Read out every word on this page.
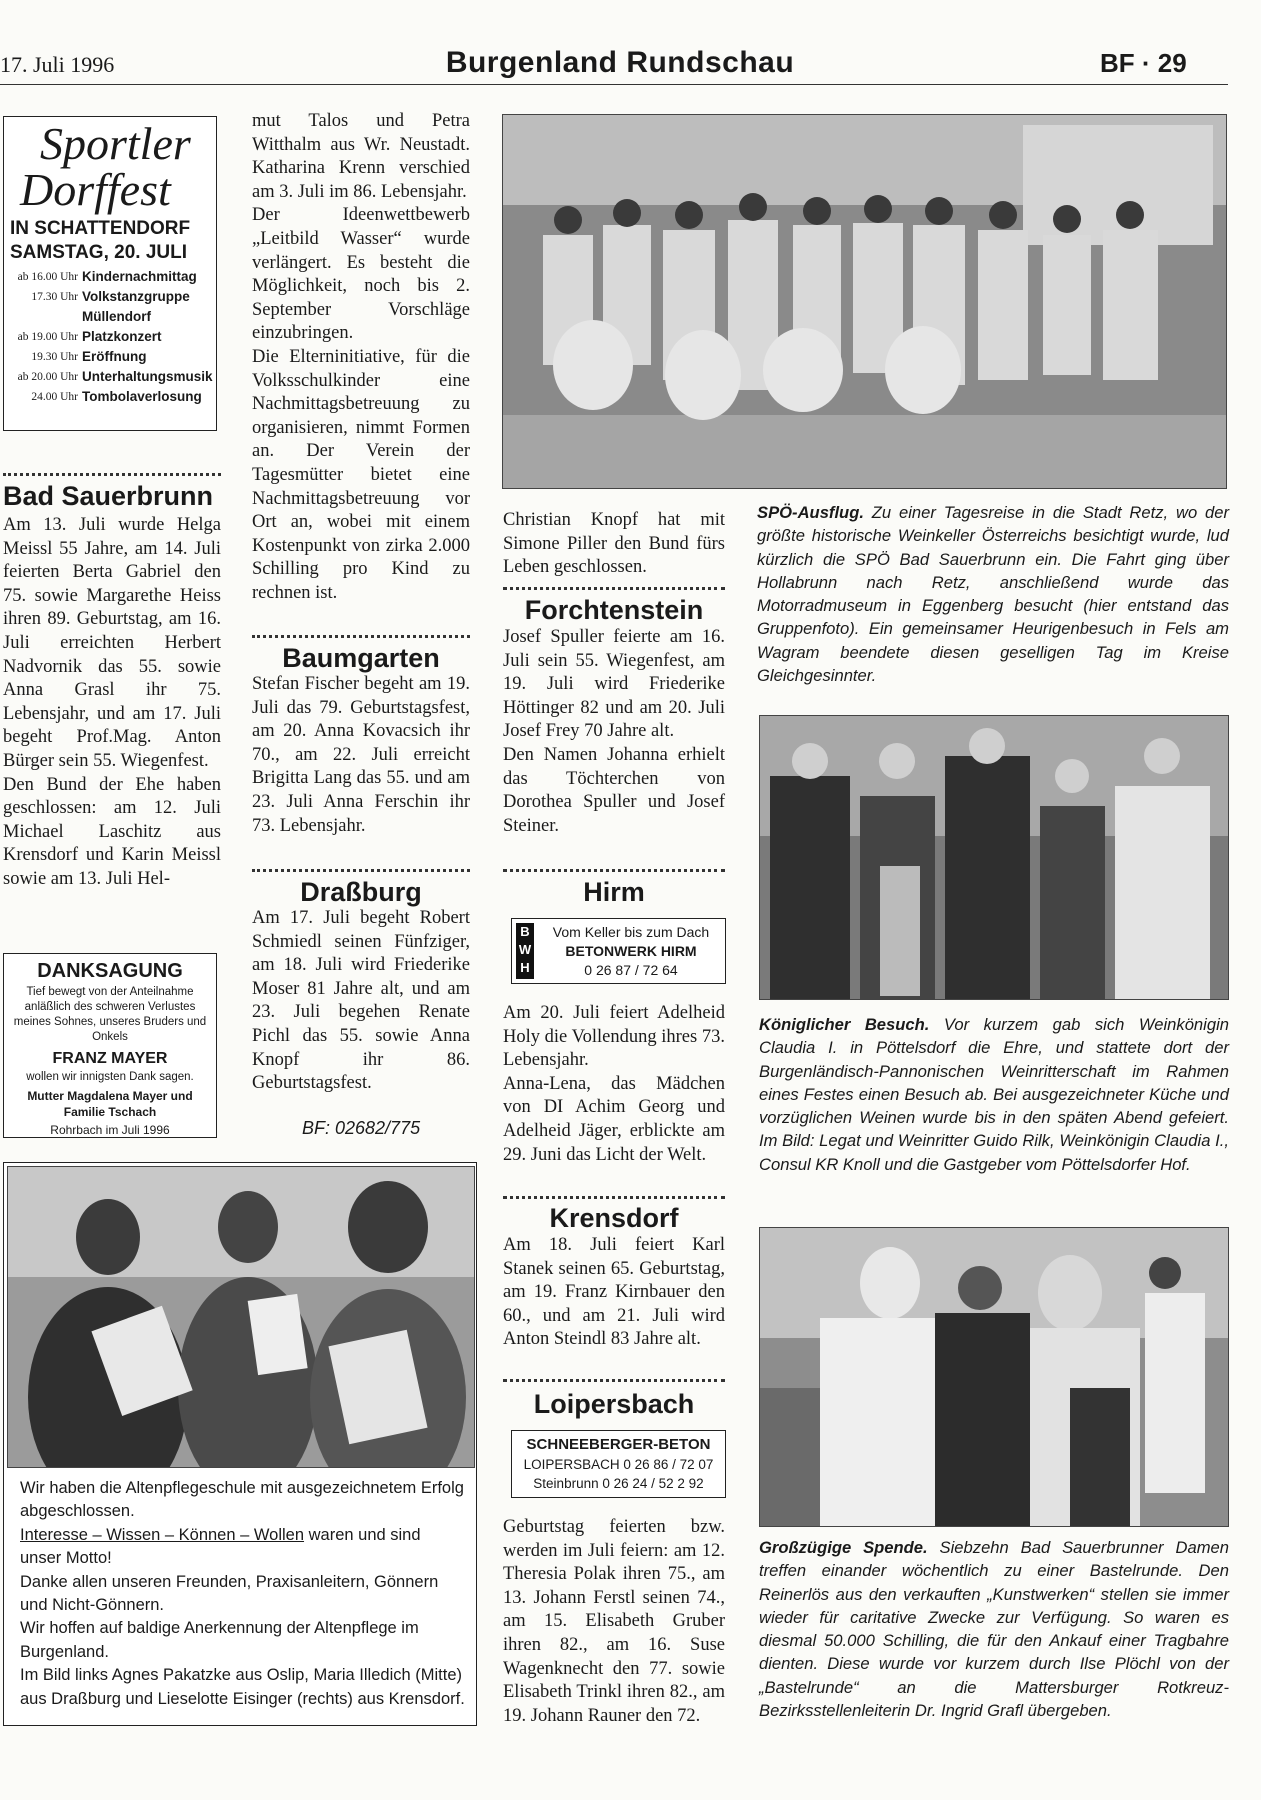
17. Juli 1996	Burgenland Rundschau	BF · 29
Sportler
Dorffest
IN SCHATTENDORF
SAMSTAG, 20. JULI
ab 16.00 Uhr Kindernachmittag
17.30 Uhr Volkstanzgruppe Müllendorf
ab 19.00 Uhr Platzkonzert
19.30 Uhr Eröffnung
ab 20.00 Uhr Unterhaltungsmusik
24.00 Uhr Tombolaverlosung
Bad Sauerbrunn

Am 13. Juli wurde Helga Meissl 55 Jahre, am 14. Juli feierten Berta Gabriel den 75. sowie Margarethe Heiss ihren 89. Geburtstag, am 16. Juli erreichten Herbert Nadvornik das 55. sowie Anna Grasl ihr 75. Lebensjahr, und am 17. Juli begeht Prof.Mag. Anton Bürger sein 55. Wiegenfest.

Den Bund der Ehe haben geschlossen: am 12. Juli Michael Laschitz aus Krensdorf und Karin Meissl sowie am 13. Juli Hel-

DANKSAGUNG
Tief bewegt von der Anteilnahme anläßlich des schweren Verlustes meines Sohnes, unseres Bruders und Onkels
FRANZ MAYER
wollen wir innigsten Dank sagen.
Mutter Magdalena Mayer und Familie Tschach
Rohrbach im Juli 1996

mut Talos und Petra Witthalm aus Wr. Neustadt. Katharina Krenn verschied am 3. Juli im 86. Lebensjahr.

Der Ideenwettbewerb „Leitbild Wasser“ wurde verlängert. Es besteht die Möglichkeit, noch bis 2. September Vorschläge einzubringen.

Die Elterninitiative, für die Volksschulkinder eine Nachmittagsbetreuung zu organisieren, nimmt Formen an. Der Verein der Tagesmütter bietet eine Nachmittagsbetreuung vor Ort an, wobei mit einem Kostenpunkt von zirka 2.000 Schilling pro Kind zu rechnen ist.

Baumgarten
Stefan Fischer begeht am 19. Juli das 79. Geburtstagsfest, am 20. Anna Kovacsich ihr 70., am 22. Juli erreicht Brigitta Lang das 55. und am 23. Juli Anna Ferschin ihr 73. Lebensjahr.
Draßburg
Am 17. Juli begeht Robert Schmiedl seinen Fünfziger, am 18. Juli wird Friederike Moser 81 Jahre alt, und am 23. Juli begehen Renate Pichl das 55. sowie Anna Knopf ihr 86. Geburtstagsfest.
BF: 02682/775

Wir haben die Altenpflegeschule mit ausgezeichnetem Erfolg abgeschlossen.

Interesse – Wissen – Können – Wollen waren und sind unser Motto!

Danke allen unseren Freunden, Praxisanleitern, Gönnern und Nicht-Gönnern.

Wir hoffen auf baldige Anerkennung der Altenpflege im Burgenland.

Im Bild links Agnes Pakatzke aus Oslip, Maria Illedich (Mitte) aus Draßburg und Lieselotte Eisinger (rechts) aus Krensdorf.

Christian Knopf hat mit Simone Piller den Bund fürs Leben geschlossen.
Forchtenstein

Josef Spuller feierte am 16. Juli sein 55. Wiegenfest, am 19. Juli wird Friederike Höttinger 82 und am 20. Juli Josef Frey 70 Jahre alt.

Den Namen Johanna erhielt das Töchterchen von Dorothea Spuller und Josef Steiner.

Hirm
B
W
H
Vom Keller bis zum Dach
BETONWERK HIRM
0 26 87 / 72 64

Am 20. Juli feiert Adelheid Holy die Vollendung ihres 73. Lebensjahr.

Anna-Lena, das Mädchen von DI Achim Georg und Adelheid Jäger, erblickte am 29. Juni das Licht der Welt.

Krensdorf
Am 18. Juli feiert Karl Stanek seinen 65. Geburtstag, am 19. Franz Kirnbauer den 60., und am 21. Juli wird Anton Steindl 83 Jahre alt.
Loipersbach
SCHNEEBERGER-BETON
LOIPERSBACH 0 26 86 / 72 07
Steinbrunn 0 26 24 / 52 2 92
Geburtstag feierten bzw. werden im Juli feiern: am 12. Theresia Polak ihren 75., am 13. Johann Ferstl seinen 74., am 15. Elisabeth Gruber ihren 82., am 16. Suse Wagenknecht den 77. sowie Elisabeth Trinkl ihren 82., am 19. Johann Rauner den 72.
SPÖ-Ausflug. Zu einer Tagesreise in die Stadt Retz, wo der größte historische Weinkeller Österreichs besichtigt wurde, lud kürzlich die SPÖ Bad Sauerbrunn ein. Die Fahrt ging über Hollabrunn nach Retz, anschließend wurde das Motorradmuseum in Eggenberg besucht (hier entstand das Gruppenfoto). Ein gemeinsamer Heurigenbesuch in Fels am Wagram beendete diesen geselligen Tag im Kreise Gleichgesinnter.
Königlicher Besuch. Vor kurzem gab sich Weinkönigin Claudia I. in Pöttelsdorf die Ehre, und stattete dort der Burgenländisch-Pannonischen Weinritterschaft im Rahmen eines Festes einen Besuch ab. Bei ausgezeichneter Küche und vorzüglichen Weinen wurde bis in den späten Abend gefeiert. Im Bild: Legat und Weinritter Guido Rilk, Weinkönigin Claudia I., Consul KR Knoll und die Gastgeber vom Pöttelsdorfer Hof.
Großzügige Spende. Siebzehn Bad Sauerbrunner Damen treffen einander wöchentlich zu einer Bastelrunde. Den Reinerlös aus den verkauften „Kunstwerken“ stellen sie immer wieder für caritative Zwecke zur Verfügung. So waren es diesmal 50.000 Schilling, die für den Ankauf einer Tragbahre dienten. Diese wurde vor kurzem durch Ilse Plöchl von der „Bastelrunde“ an die Mattersburger Rotkreuz-Bezirksstellenleiterin Dr. Ingrid Grafl übergeben.
